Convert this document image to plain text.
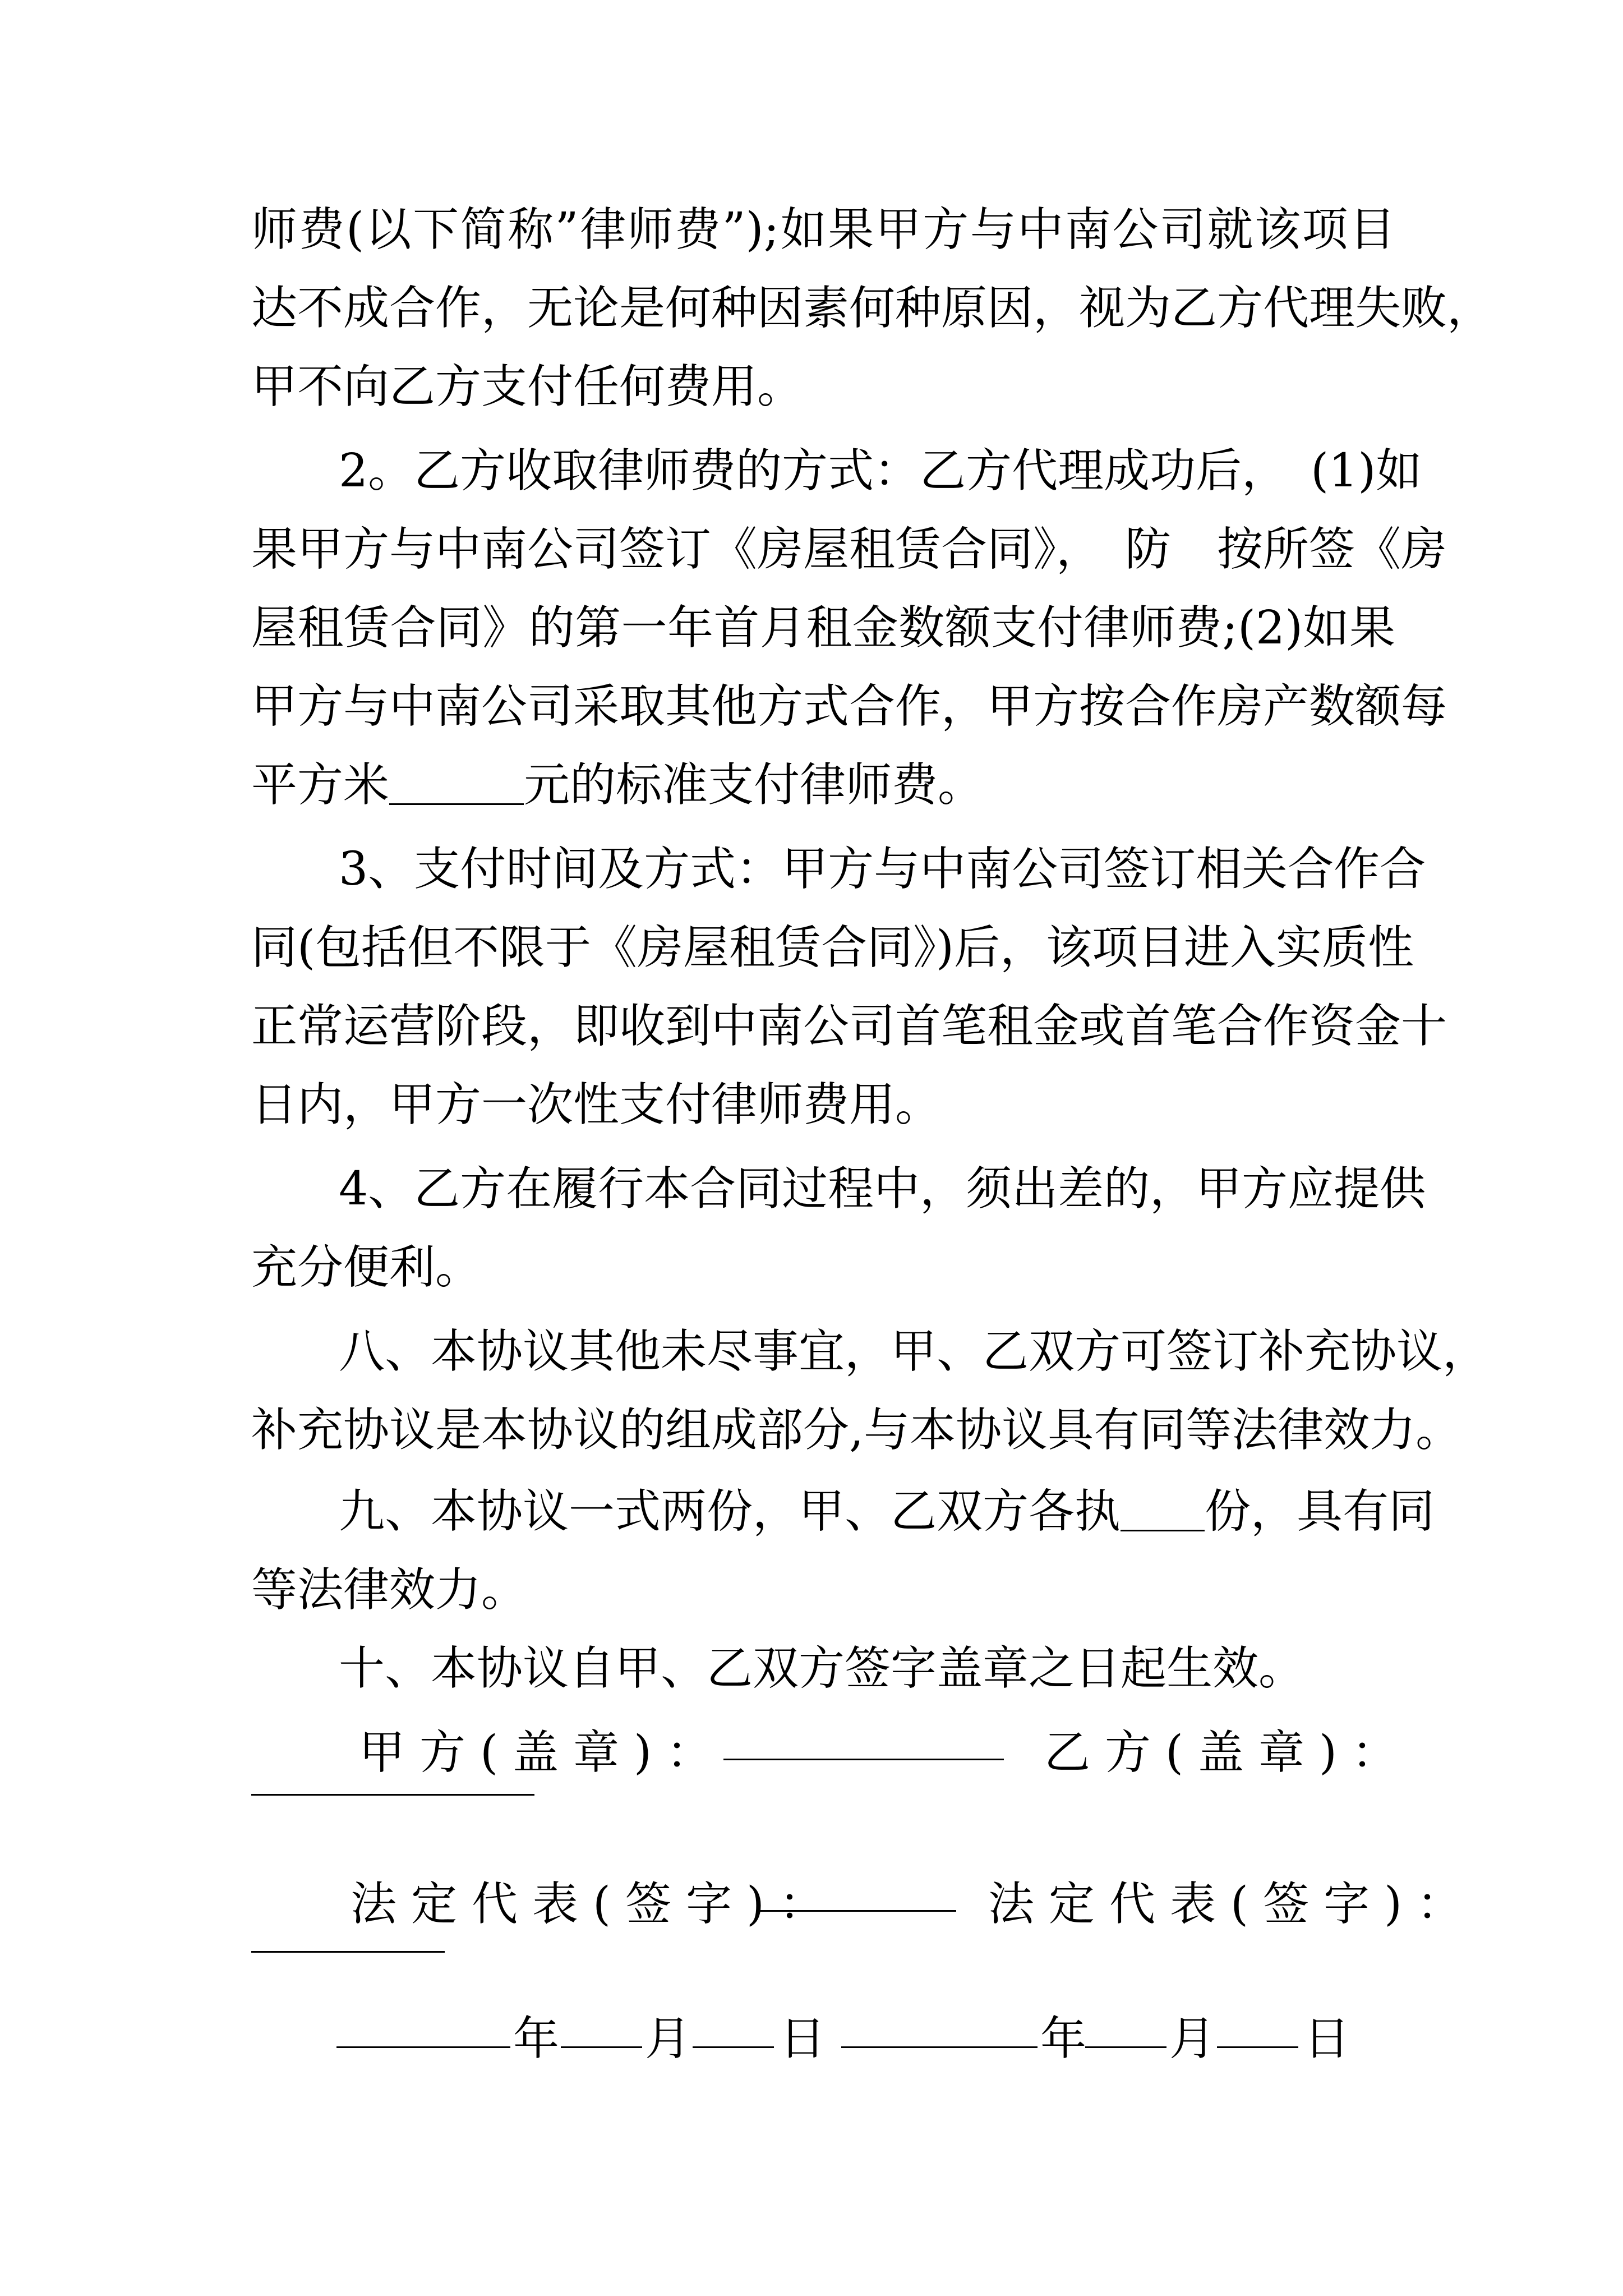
师费(以下简称”律师费”);如果甲方与中南公司就该项目

达不成合作，无论是何种因素何种原因，视为乙方代理失败，

甲不向乙方支付任何费用。

2。乙方收取律师费的方式：乙方代理成功后，　(1)如

果甲方与中南公司签订《房屋租赁合同》，　防　按所签《房

屋租赁合同》的第一年首月租金数额支付律师费;(2)如果

甲方与中南公司采取其他方式合作，甲方按合作房产数额每

平方米	元的标准支付律师费。

3、支付时间及方式：甲方与中南公司签订相关合作合

同(包括但不限于《房屋租赁合同》)后，该项目进入实质性

正常运营阶段，即收到中南公司首笔租金或首笔合作资金十

日内，甲方一次性支付律师费用。

4、乙方在履行本合同过程中，须出差的，甲方应提供

充分便利。

八、本协议其他未尽事宜，甲、乙双方可签订补充协议，

补充协议是本协议的组成部分,与本协议具有同等法律效力。

九、本协议一式两份，甲、乙双方各执 份，具有同

等法律效力。

十、本协议自甲、乙双方签字盖章之日起生效。

甲方(盖章)：	乙方(盖章)：

法定代表(签字)：	法定代表(签字)：

年 月 日	年 月 日
